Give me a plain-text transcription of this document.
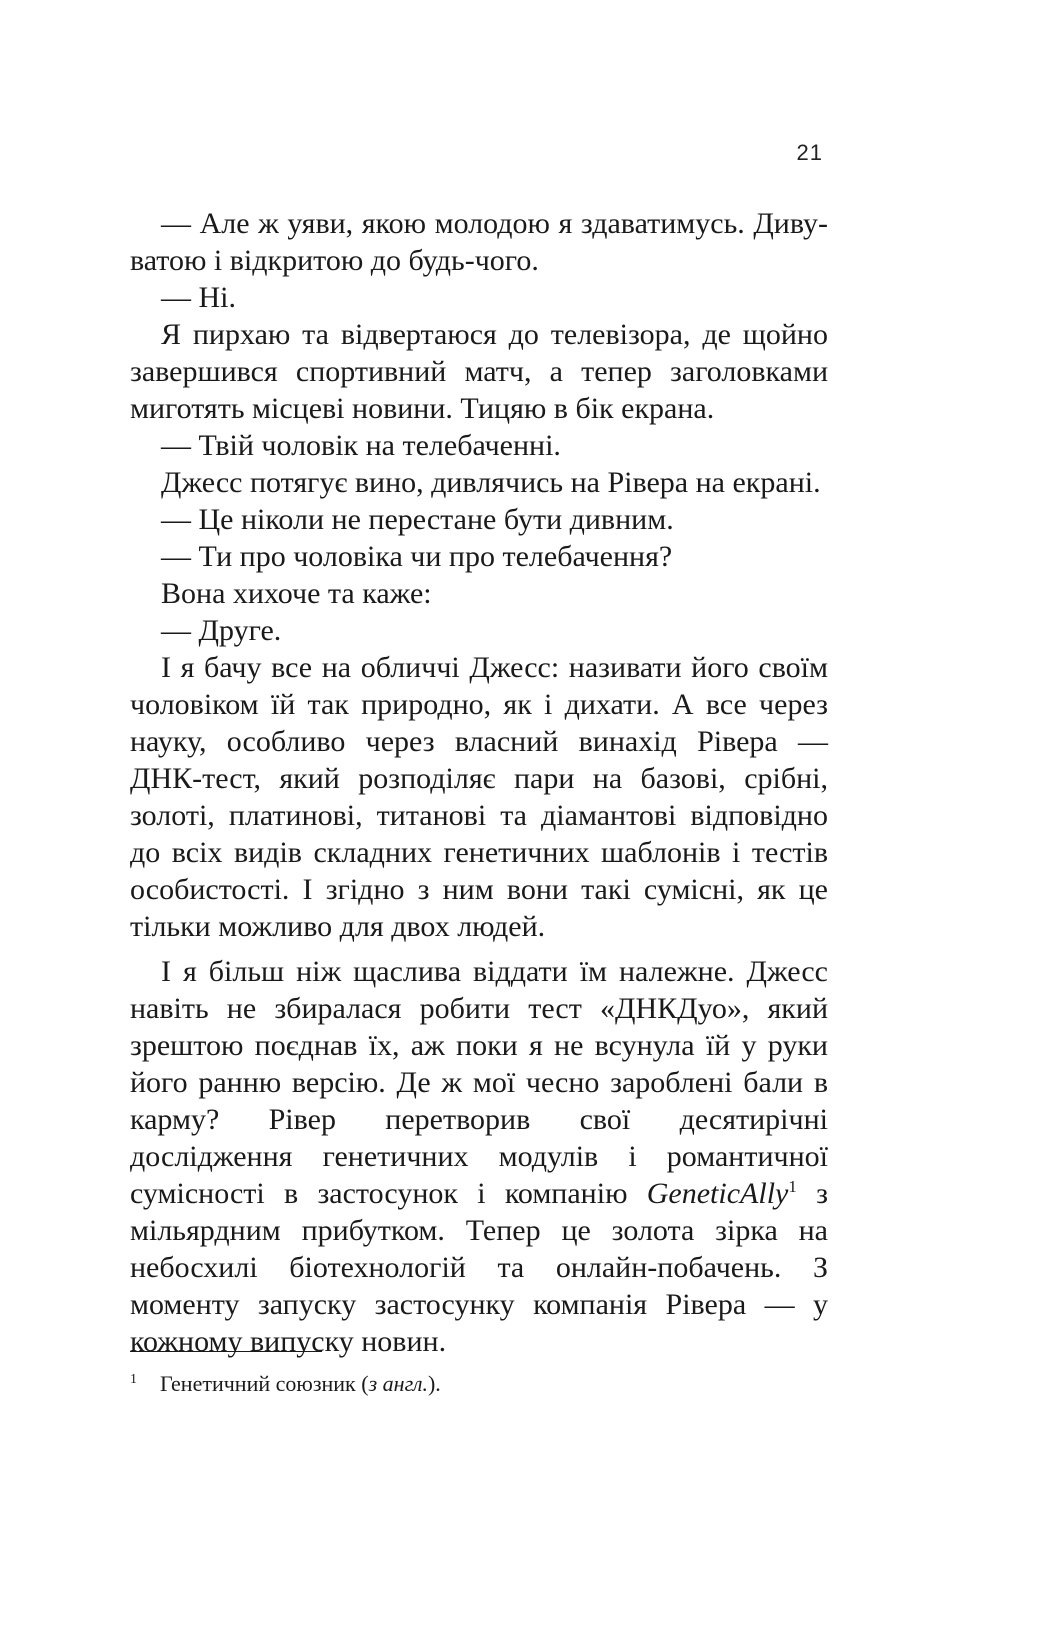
21

— Але ж уяви, якою молодою я здаватимусь. Дивуватою і відкритою до будь-чого.

— Ні.

Я пирхаю та відвертаюся до телевізора, де щойно завершився спортивний матч, а тепер заголовками миготять місцеві новини. Тицяю в бік екрана.

— Твій чоловік на телебаченні.

Джесс потягує вино, дивлячись на Рівера на екрані.

— Це ніколи не перестане бути дивним.

— Ти про чоловіка чи про телебачення?

Вона хихоче та каже:

— Друге.

І я бачу все на обличчі Джесс: називати його своїм чоловіком їй так природно, як і дихати. А все через науку, особливо через власний винахід Рівера — ДНК-тест, який розподіляє пари на базові, срібні, золоті, платинові, титанові та діамантові відповідно до всіх видів складних генетичних шаблонів і тестів особистості. І згідно з ним вони такі сумісні, як це тільки можливо для двох людей.

І я більш ніж щаслива віддати їм належне. Джесс навіть не збиралася робити тест «ДНКДуо», який зрештою поєднав їх, аж поки я не всунула їй у руки його ранню версію. Де ж мої чесно зароблені бали в карму? Рівер перетворив свої десятирічні дослідження генетичних модулів і романтичної сумісності в застосунок і компанію GeneticAlly$^1$ з мільярдним прибутком. Тепер це золота зірка на небосхилі біотехнологій та онлайн-побачень. З моменту запуску застосунку компанія Рівера — у кожному випуску новин.

1 Генетичний союзник (з англ.).
